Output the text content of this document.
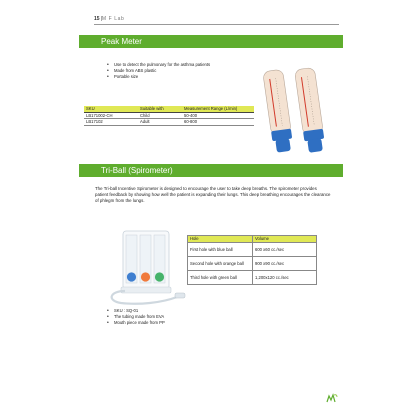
15|M F Lab
Peak Meter
• Use to detect the pulmonary for the asthma patients
• Made from ABS plastic
• Portable size
SKU	Suitable with	Measurement Range (L/min)
LB171002-CH	Child	50-400
LB17102	Adult	60-800
Tri-Ball (Spirometer)

The Tri-ball Incentive Spirometer is designed to encourage the user to take deep breaths. The spirometer provides patient feedback by showing how well the patient is expanding their lungs. This deep breathing encourages the clearance of phlegm from the lungs.

Hole	Volume
First hole with blue ball	600 x60 cc./sec
Second hole with orange ball	900 x90 cc./sec
Third hole with green ball	1,200x120 cc./sec
• SKU : SQ-01
• The tubing made from EVA
• Mouth piece made from PP
